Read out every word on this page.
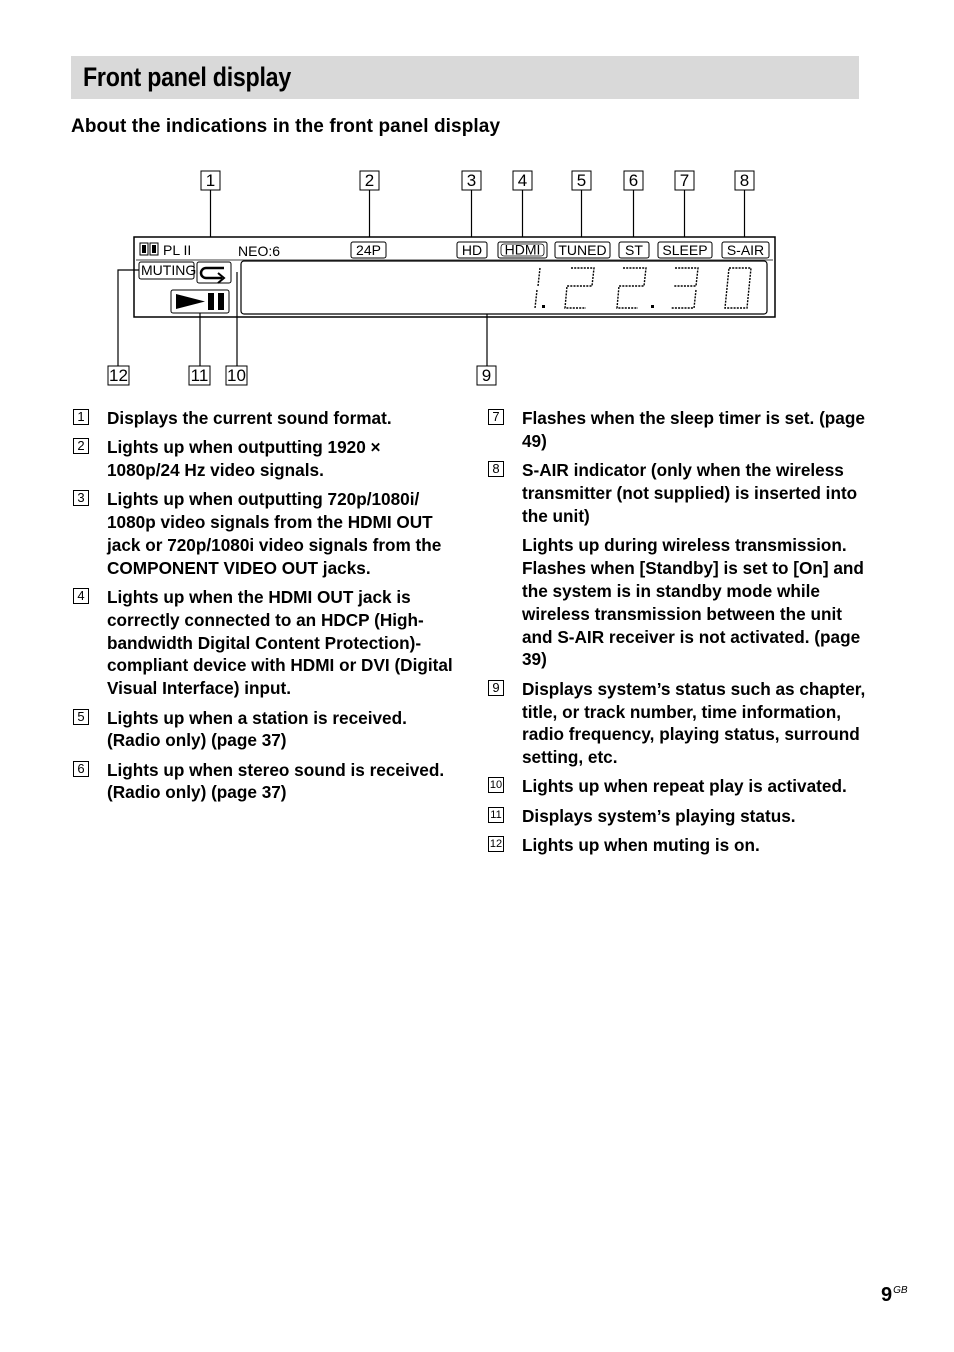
Front panel display
About the indications in the front panel display
1	2	3 4	5	6 7	8
PL II	NEO:6	24P	HD HDMI TUNED ST SLEEP S-AIR
MUTING
12	11 10	9
1 Displays the current sound format.
2 Lights up when outputting 1920 × 1080p/24 Hz video signals.
3 Lights up when outputting 720p/1080i/ 1080p video signals from the HDMI OUT jack or 720p/1080i video signals from the COMPONENT VIDEO OUT jacks.
4 Lights up when the HDMI OUT jack is correctly connected to an HDCP (High-bandwidth Digital Content Protection)-compliant device with HDMI or DVI (Digital Visual Interface) input.
5 Lights up when a station is received. (Radio only) (page 37)
6 Lights up when stereo sound is received. (Radio only) (page 37)
7 Flashes when the sleep timer is set. (page 49)
8 S-AIR indicator (only when the wireless transmitter (not supplied) is inserted into the unit)
Lights up during wireless transmission. Flashes when [Standby] is set to [On] and the system is in standby mode while wireless transmission between the unit and S-AIR receiver is not activated. (page 39)
9 Displays system’s status such as chapter, title, or track number, time information, radio frequency, playing status, surround setting, etc.
10 Lights up when repeat play is activated.
11 Displays system’s playing status.
12 Lights up when muting is on.
$9^{GB}$
